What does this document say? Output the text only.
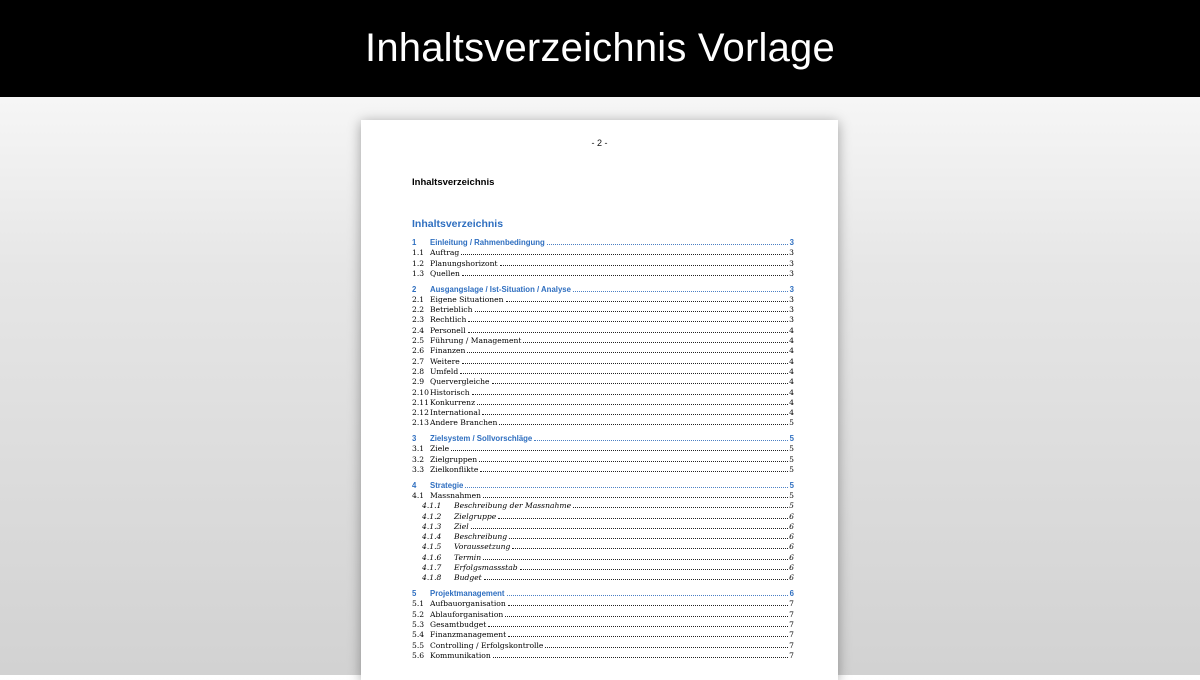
Inhaltsverzeichnis Vorlage
- 2 -
Inhaltsverzeichnis
Inhaltsverzeichnis
1	Einleitung / Rahmenbedingung	3
1.1 Auftrag	3
1.2 Planungshorizont	3
1.3 Quellen	3
2	Ausgangslage / Ist-Situation / Analyse	3
2.1 Eigene Situationen	3
2.2 Betrieblich	3
2.3 Rechtlich	3
2.4 Personell	4
2.5 Führung / Management	4
2.6 Finanzen	4
2.7 Weitere	4
2.8 Umfeld	4
2.9 Quervergleiche	4
2.10 Historisch	4
2.11 Konkurrenz	4
2.12 International	4
2.13 Andere Branchen	5
3	Zielsystem / Sollvorschläge	5
3.1 Ziele	5
3.2 Zielgruppen	5
3.3 Zielkonflikte	5
4	Strategie	5
4.1 Massnahmen	5
4.1.1	Beschreibung der Massnahme	5
4.1.2	Zielgruppe	6
4.1.3	Ziel	6
4.1.4	Beschreibung	6
4.1.5	Voraussetzung	6
4.1.6	Termin	6
4.1.7	Erfolgsmassstab	6
4.1.8	Budget	6
5	Projektmanagement	6
5.1 Aufbauorganisation	7
5.2 Ablauforganisation	7
5.3 Gesamtbudget	7
5.4 Finanzmanagement	7
5.5 Controlling / Erfolgskontrolle	7
5.6 Kommunikation	7
